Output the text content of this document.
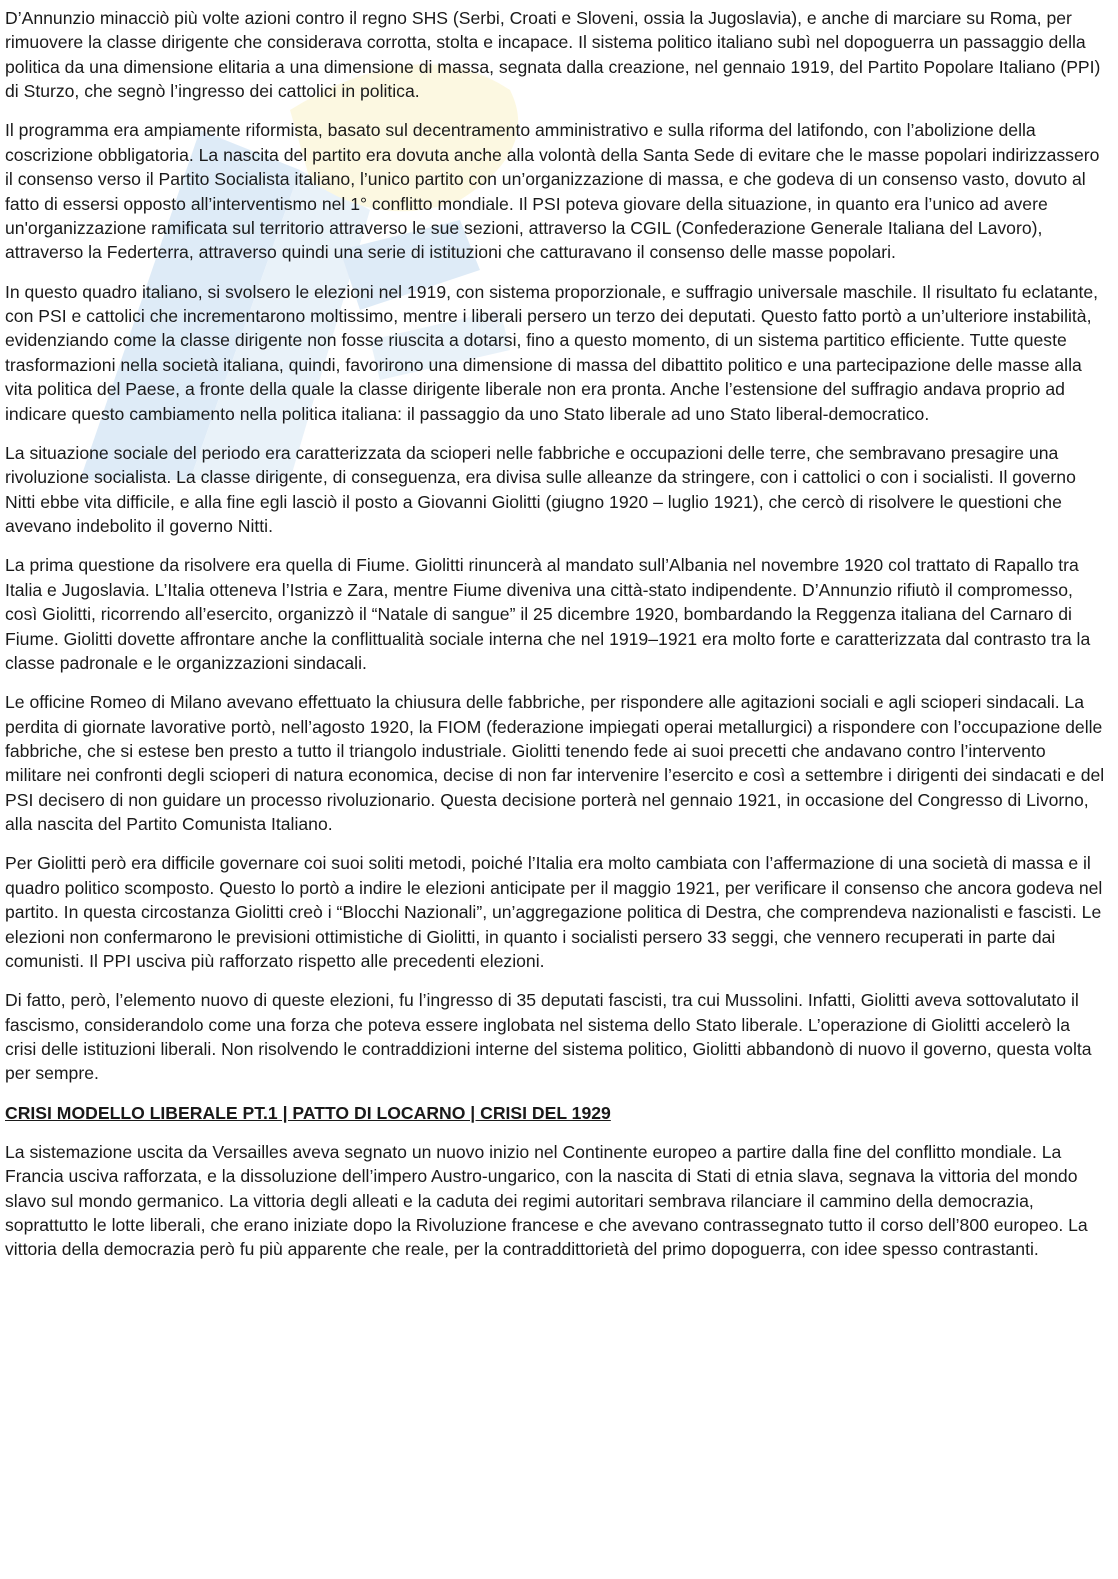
D’Annunzio minacciò più volte azioni contro il regno SHS (Serbi, Croati e Sloveni, ossia la Jugoslavia), e anche di marciare su Roma, per rimuovere la classe dirigente che considerava corrotta, stolta e incapace. Il sistema politico italiano subì nel dopoguerra un passaggio della politica da una dimensione elitaria a una dimensione di massa, segnata dalla creazione, nel gennaio 1919, del Partito Popolare Italiano (PPI) di Sturzo, che segnò l’ingresso dei cattolici in politica.

Il programma era ampiamente riformista, basato sul decentramento amministrativo e sulla riforma del latifondo, con l’abolizione della coscrizione obbligatoria. La nascita del partito era dovuta anche alla volontà della Santa Sede di evitare che le masse popolari indirizzassero il consenso verso il Partito Socialista italiano, l’unico partito con un’organizzazione di massa, e che godeva di un consenso vasto, dovuto al fatto di essersi opposto all’interventismo nel 1° conflitto mondiale. Il PSI poteva giovare della situazione, in quanto era l’unico ad avere un'organizzazione ramificata sul territorio attraverso le sue sezioni, attraverso la CGIL (Confederazione Generale Italiana del Lavoro), attraverso la Federterra, attraverso quindi una serie di istituzioni che catturavano il consenso delle masse popolari.

In questo quadro italiano, si svolsero le elezioni nel 1919, con sistema proporzionale, e suffragio universale maschile. Il risultato fu eclatante, con PSI e cattolici che incrementarono moltissimo, mentre i liberali persero un terzo dei deputati. Questo fatto portò a un’ulteriore instabilità, evidenziando come la classe dirigente non fosse riuscita a dotarsi, fino a questo momento, di un sistema partitico efficiente. Tutte queste trasformazioni nella società italiana, quindi, favorirono una dimensione di massa del dibattito politico e una partecipazione delle masse alla vita politica del Paese, a fronte della quale la classe dirigente liberale non era pronta. Anche l’estensione del suffragio andava proprio ad indicare questo cambiamento nella politica italiana: il passaggio da uno Stato liberale ad uno Stato liberal-democratico.

La situazione sociale del periodo era caratterizzata da scioperi nelle fabbriche e occupazioni delle terre, che sembravano presagire una rivoluzione socialista. La classe dirigente, di conseguenza, era divisa sulle alleanze da stringere, con i cattolici o con i socialisti. Il governo Nitti ebbe vita difficile, e alla fine egli lasciò il posto a Giovanni Giolitti (giugno 1920 – luglio 1921), che cercò di risolvere le questioni che avevano indebolito il governo Nitti.

La prima questione da risolvere era quella di Fiume. Giolitti rinuncerà al mandato sull’Albania nel novembre 1920 col trattato di Rapallo tra Italia e Jugoslavia. L’Italia otteneva l’Istria e Zara, mentre Fiume diveniva una città-stato indipendente. D’Annunzio rifiutò il compromesso, così Giolitti, ricorrendo all’esercito, organizzò il “Natale di sangue” il 25 dicembre 1920, bombardando la Reggenza italiana del Carnaro di Fiume. Giolitti dovette affrontare anche la conflittualità sociale interna che nel 1919–1921 era molto forte e caratterizzata dal contrasto tra la classe padronale e le organizzazioni sindacali.

Le officine Romeo di Milano avevano effettuato la chiusura delle fabbriche, per rispondere alle agitazioni sociali e agli scioperi sindacali. La perdita di giornate lavorative portò, nell’agosto 1920, la FIOM (federazione impiegati operai metallurgici) a rispondere con l’occupazione delle fabbriche, che si estese ben presto a tutto il triangolo industriale. Giolitti tenendo fede ai suoi precetti che andavano contro l’intervento militare nei confronti degli scioperi di natura economica, decise di non far intervenire l’esercito e così a settembre i dirigenti dei sindacati e del PSI decisero di non guidare un processo rivoluzionario. Questa decisione porterà nel gennaio 1921, in occasione del Congresso di Livorno, alla nascita del Partito Comunista Italiano.

Per Giolitti però era difficile governare coi suoi soliti metodi, poiché l’Italia era molto cambiata con l’affermazione di una società di massa e il quadro politico scomposto. Questo lo portò a indire le elezioni anticipate per il maggio 1921, per verificare il consenso che ancora godeva nel partito. In questa circostanza Giolitti creò i “Blocchi Nazionali”, un’aggregazione politica di Destra, che comprendeva nazionalisti e fascisti. Le elezioni non confermarono le previsioni ottimistiche di Giolitti, in quanto i socialisti persero 33 seggi, che vennero recuperati in parte dai comunisti. Il PPI usciva più rafforzato rispetto alle precedenti elezioni.

Di fatto, però, l’elemento nuovo di queste elezioni, fu l’ingresso di 35 deputati fascisti, tra cui Mussolini. Infatti, Giolitti aveva sottovalutato il fascismo, considerandolo come una forza che poteva essere inglobata nel sistema dello Stato liberale. L’operazione di Giolitti accelerò la crisi delle istituzioni liberali. Non risolvendo le contraddizioni interne del sistema politico, Giolitti abbandonò di nuovo il governo, questa volta per sempre.

CRISI MODELLO LIBERALE PT.1 | PATTO DI LOCARNO | CRISI DEL 1929

La sistemazione uscita da Versailles aveva segnato un nuovo inizio nel Continente europeo a partire dalla fine del conflitto mondiale. La Francia usciva rafforzata, e la dissoluzione dell’impero Austro-ungarico, con la nascita di Stati di etnia slava, segnava la vittoria del mondo slavo sul mondo germanico. La vittoria degli alleati e la caduta dei regimi autoritari sembrava rilanciare il cammino della democrazia, soprattutto le lotte liberali, che erano iniziate dopo la Rivoluzione francese e che avevano contrassegnato tutto il corso dell’800 europeo. La vittoria della democrazia però fu più apparente che reale, per la contraddittorietà del primo dopoguerra, con idee spesso contrastanti.
